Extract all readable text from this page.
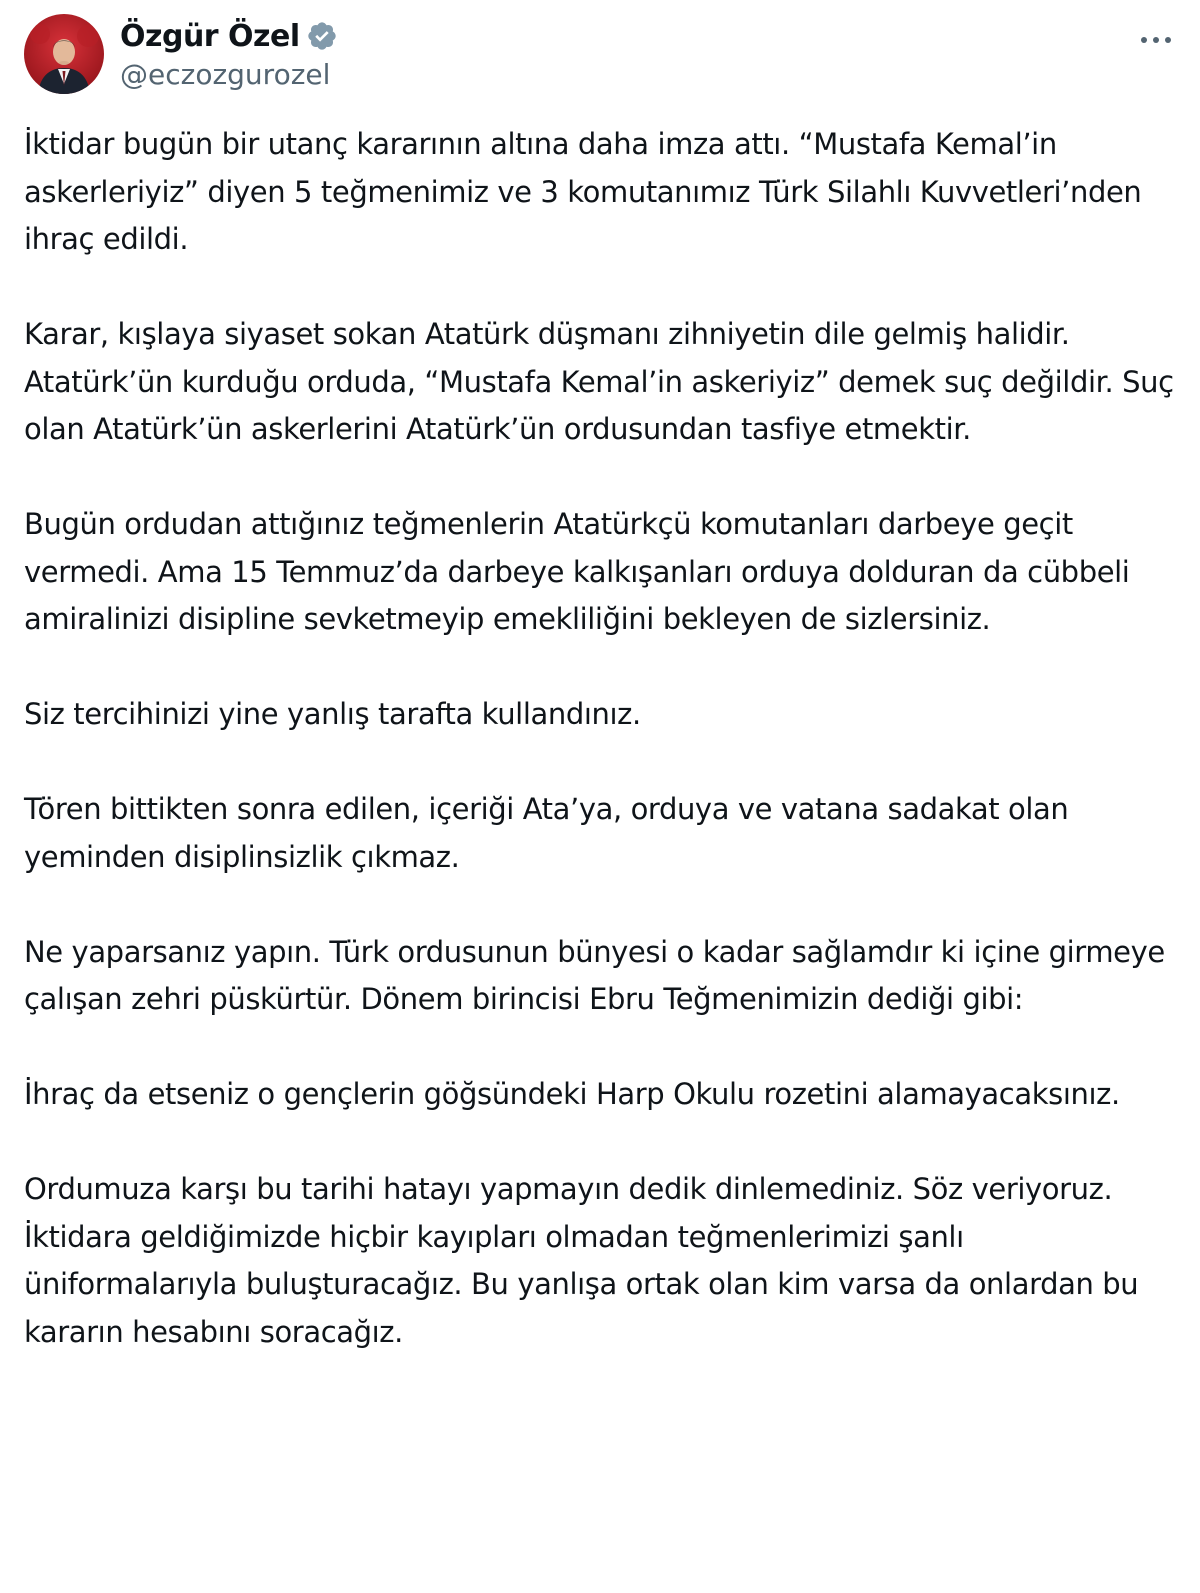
Özgür Özel
@eczozgurozel

İktidar bugün bir utanç kararının altına daha imza attı. “Mustafa Kemal’in askerleriyiz” diyen 5 teğmenimiz ve 3 komutanımız Türk Silahlı Kuvvetleri’nden ihraç edildi.

Karar, kışlaya siyaset sokan Atatürk düşmanı zihniyetin dile gelmiş halidir. Atatürk’ün kurduğu orduda, “Mustafa Kemal’in askeriyiz” demek suç değildir. Suç olan Atatürk’ün askerlerini Atatürk’ün ordusundan tasfiye etmektir.

Bugün ordudan attığınız teğmenlerin Atatürkçü komutanları darbeye geçit vermedi. Ama 15 Temmuz’da darbeye kalkışanları orduya dolduran da cübbeli amiralinizi disipline sevketmeyip emekliliğini bekleyen de sizlersiniz.

Siz tercihinizi yine yanlış tarafta kullandınız.

Tören bittikten sonra edilen, içeriği Ata’ya, orduya ve vatana sadakat olan yeminden disiplinsizlik çıkmaz.

Ne yaparsanız yapın. Türk ordusunun bünyesi o kadar sağlamdır ki içine girmeye çalışan zehri püskürtür. Dönem birincisi Ebru Teğmenimizin dediği gibi:

İhraç da etseniz o gençlerin göğsündeki Harp Okulu rozetini alamayacaksınız.

Ordumuza karşı bu tarihi hatayı yapmayın dedik dinlemediniz. Söz veriyoruz. İktidara geldiğimizde hiçbir kayıpları olmadan teğmenlerimizi şanlı üniformalarıyla buluşturacağız. Bu yanlışa ortak olan kim varsa da onlardan bu kararın hesabını soracağız.
